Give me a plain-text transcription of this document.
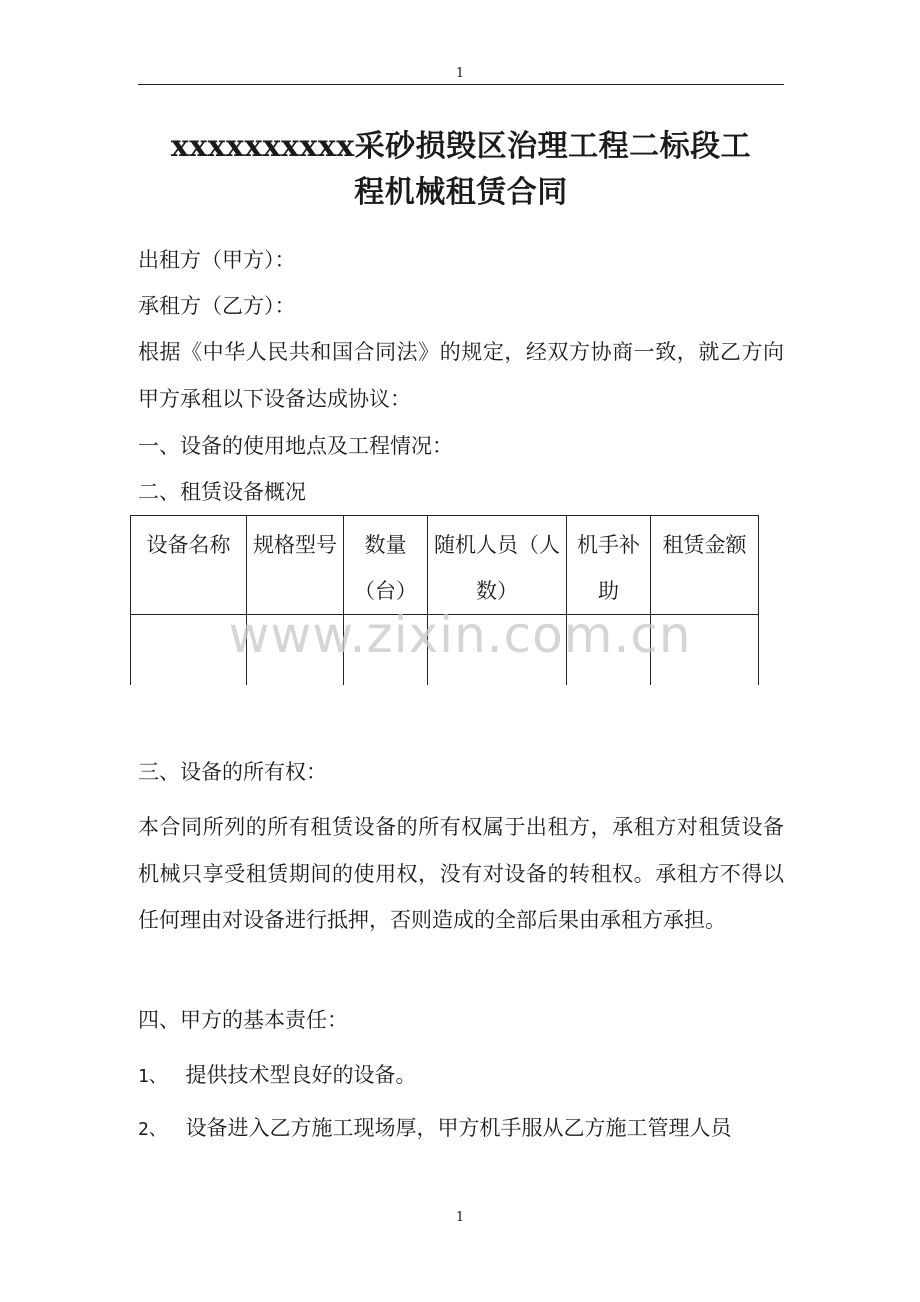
1
xxxxxxxxxx采砂损毁区治理工程二标段工
程机械租赁合同
出租方（甲方）：
承租方（乙方）：
根据《中华人民共和国合同法》的规定，经双方协商一致，就乙方向甲方承租以下设备达成协议：
一、设备的使用地点及工程情况：
二、租赁设备概况
设备名称	规格型号	数量（台）	随机人员（人数）	机手补助	租赁金额

www.zixin.com.cn
三、设备的所有权：
本合同所列的所有租赁设备的所有权属于出租方，承租方对租赁设备机械只享受租赁期间的使用权，没有对设备的转租权。承租方不得以任何理由对设备进行抵押，否则造成的全部后果由承租方承担。
四、甲方的基本责任：
1、 提供技术型良好的设备。
2、 设备进入乙方施工现场厚，甲方机手服从乙方施工管理人员
1
